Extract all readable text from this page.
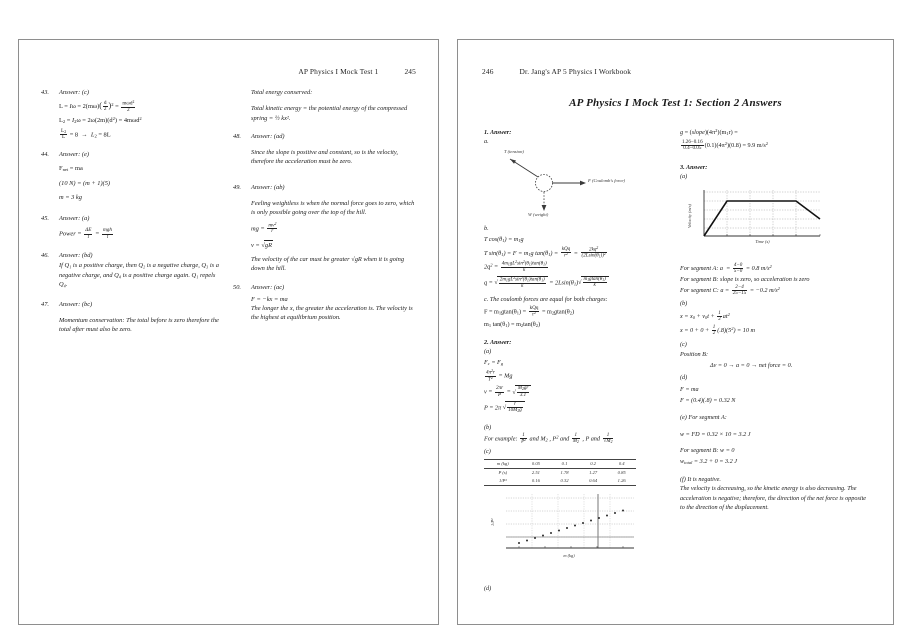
AP Physics I Mock Test 1	245
43. Answer: (c)
$L = I\omega = 2(m\omega)( \frac{d}{2} )^2 = \frac{m\omega d^2}{2}$
$L_2 = I_2\omega = 2\omega(2m)(d^2) = 4m\omega d^2$
$\frac{L_2}{L} = 8 \to L_2 = 8L$
44. Answer: (e)
$F_{net}$ = ma
(10 N) = (m + 1)(5)
m = 3 kg
45. Answer: (a)
Power = $\frac{\Delta E}{t} = \frac{\text{mgh}}{t}$
46. Answer: (bd)
If Q₁ is a positive charge, then Q₂ is a negative charge, Q₃ is a negative charge, and Q₄ is a positive charge again. Q₁ repels Q₄.
47. Answer: (bc)
Momentum conservation: The total before is zero therefore the total after must also be zero.
Total energy conserved:
Total kinetic energy = the potential energy of the compressed spring = ½ kx².
48. Answer: (ad)
Since the slope is positive and constant, so is the velocity, therefore the acceleration must be zero.
49. Answer: (ab)
Feeling weightless is when the normal force goes to zero, which is only possible going over the top of the hill.
mg = $\frac{mv^2}{r}$
v = √gR
The velocity of the car must be greater √gR when it is going down the hill.
50. Answer: (ac)
F = −kx = ma
The longer the x, the greater the acceleration is. The velocity is the highest at equilibrium position.
246	Dr. Jang's AP 5 Physics I Workbook
AP Physics I Mock Test 1: Section 2 Answers
1. Answer:
a.
T (tension)
F (Coulomb's force)
W (weight)
b.
T $\cos(\theta_1) = m_1g$
T $\sin(\theta_1) = F = m_1g$ $\tan(\theta_1) = \frac{\text{kQq}}{r^2} = \frac{2kq^2}{(2Lsin(\theta_1))^2}$
$2q^2 = \frac{4m_1gL^2\sin^2(\theta_1)\tan(\theta_1)}{k}$
q = √ $\frac{2m_1gL^2\sin^2(\theta_1)\tan(\theta_1)}{k} = 2Lsin(\theta_1)√ \frac{m_1gtan(\theta_1)}{k}$
c. The coulomb forces are equal for both charges:
$F = m_1gtan(\theta_1) = \frac{\text{kQq}}{r^2} = m_2gtan(\theta_2)$
$m_1$ $\tan(\theta_1) = m_2\tan(\theta_2)$
2. Answer:
(a)
$F_c = F_g$
$\frac{4\pi^2r}{T^2} = Mg$
$v = \frac{2\pi r}{P}$ = √ $\frac{M_2gr}{3.1}$
P = 2π √ $\frac{r}{10M_2g}$
(b)
For example: $\frac{1}{P^2}$ and $M_2$ , $P^2$ and $\frac{1}{M_2}$ , P and $\frac{1}{√M_2}$
(c)
m (kg)	0.05	0.1	0.2	0.4
P (s)	2.51	1.78	1.27	0.85
1/P²	0.16	0.32	0.64	1.26
m (kg)
1/P²
(d)
$g = (slope)(4\pi^2)(m_1r)$ =
$\frac{1.26-0.16}{0.4-0.05} (0.1)(4\pi^2)(0.8) = 9.9$ $m/s^2$
3. Answer:
(a)
Time (s)
Velocity (m/s)
For segment A: $a = \frac{4-0}{5-0} = 0.8$ $m/s^2$
For segment B: slope is zero, so acceleration is zero
For segment C: $a = \frac{2-4}{25-15} = -0.2$ $m/s^2$
(b)
$x = x_0 + v_0t + \frac{1}{2} at^2$
$x = 0 + 0 + \frac{1}{2} (.8)(5^2) = 10$ m
(c)
Position B:
Δv = 0 → a = 0 → net force = 0.
(d)
F = ma
F = (0.4)(.8) = 0.32 N
(e) For segment A:
w = FD = 0.32 × 10 = 3.2 J
For segment B: w = 0
$w_{total} = 3.2 + 0 = 3.2$ J
(f) It is negative.
The velocity is decreasing, so the kinetic energy is also decreasing. The acceleration is negative; therefore, the direction of the net force is opposite to the direction of the displacement.
